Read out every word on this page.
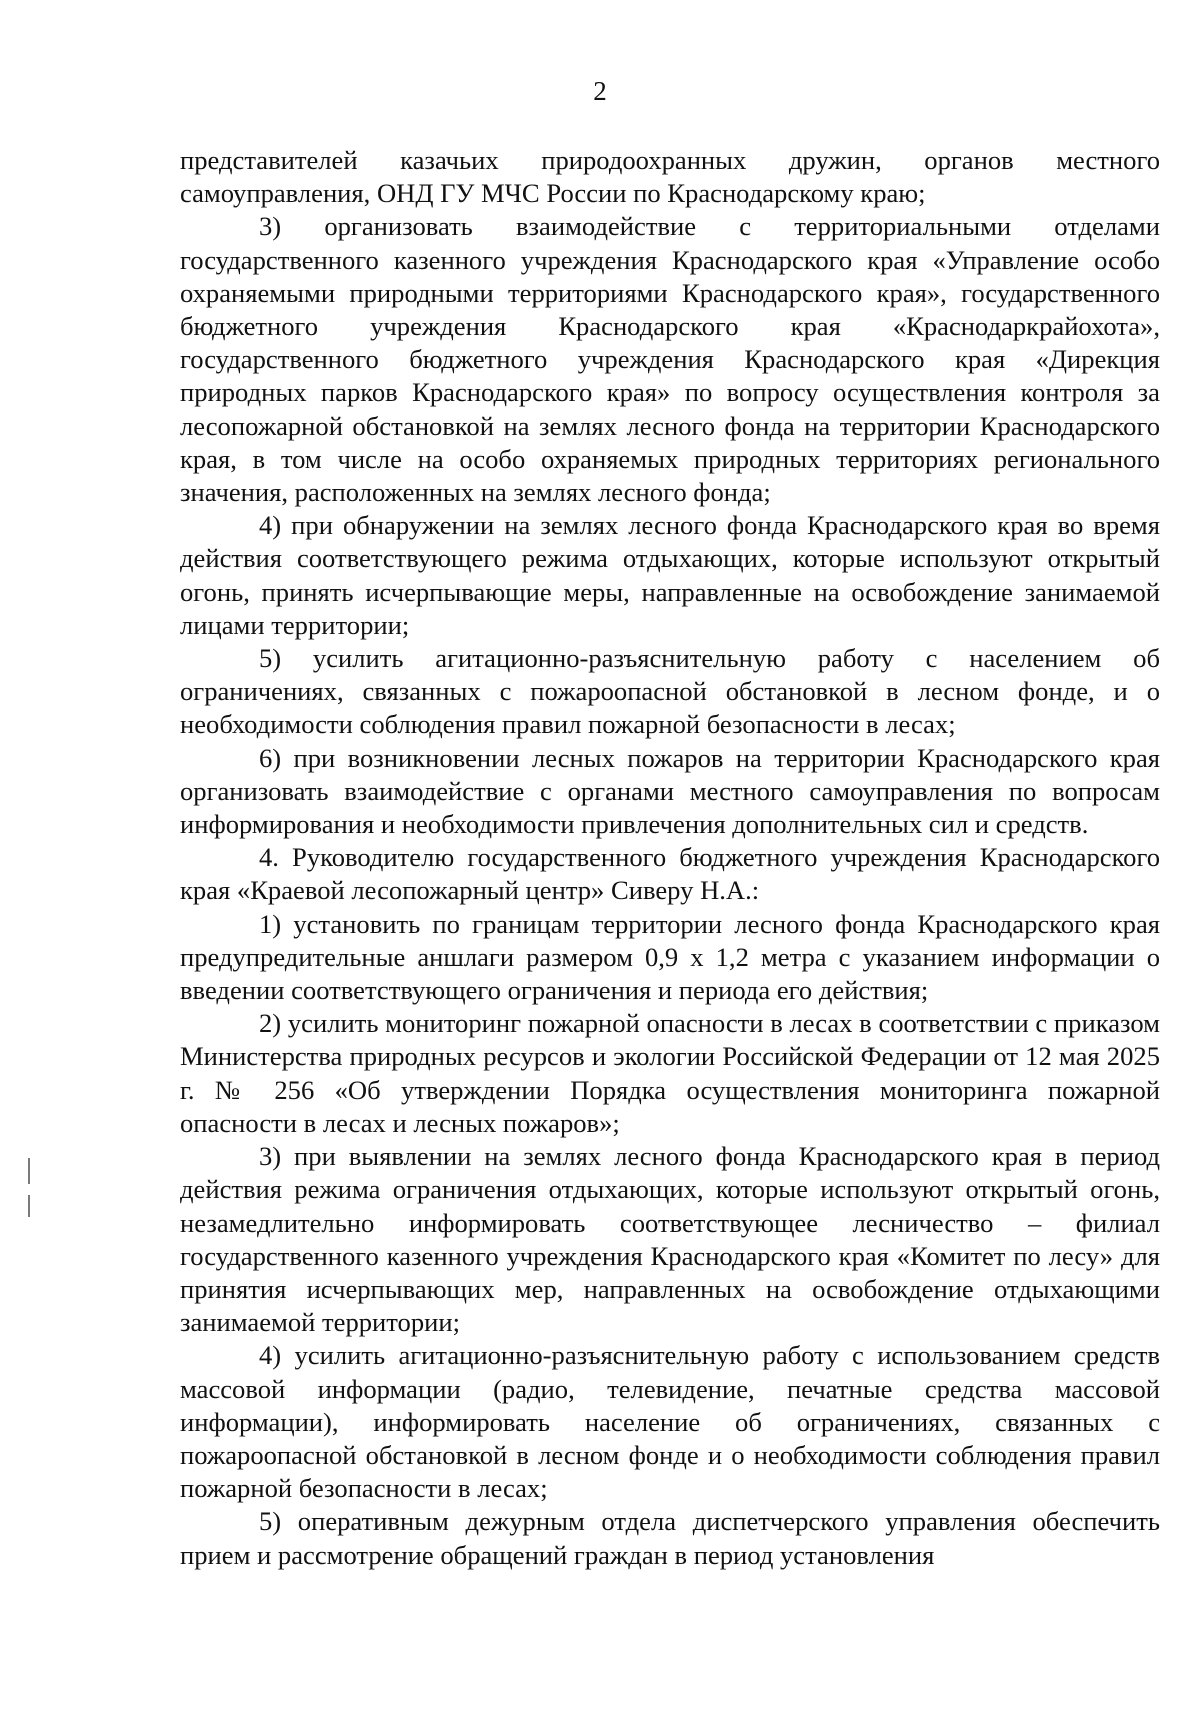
2

представителей казачьих природоохранных дружин, органов местного самоуправления, ОНД ГУ МЧС России по Краснодарскому краю;

3) организовать взаимодействие с территориальными отделами государственного казенного учреждения Краснодарского края «Управление особо охраняемыми природными территориями Краснодарского края», государственного бюджетного учреждения Краснодарского края «Краснодаркрайохота», государственного бюджетного учреждения Краснодарского края «Дирекция природных парков Краснодарского края» по вопросу осуществления контроля за лесопожарной обстановкой на землях лесного фонда на территории Краснодарского края, в том числе на особо охраняемых природных территориях регионального значения, расположенных на землях лесного фонда;

4) при обнаружении на землях лесного фонда Краснодарского края во время действия соответствующего режима отдыхающих, которые используют открытый огонь, принять исчерпывающие меры, направленные на освобождение занимаемой лицами территории;

5) усилить агитационно-разъяснительную работу с населением об ограничениях, связанных с пожароопасной обстановкой в лесном фонде, и о необходимости соблюдения правил пожарной безопасности в лесах;

6) при возникновении лесных пожаров на территории Краснодарского края организовать взаимодействие с органами местного самоуправления по вопросам информирования и необходимости привлечения дополнительных сил и средств.

4. Руководителю государственного бюджетного учреждения Краснодарского края «Краевой лесопожарный центр» Сиверу Н.А.:

1) установить по границам территории лесного фонда Краснодарского края предупредительные аншлаги размером 0,9 х 1,2 метра с указанием информации о введении соответствующего ограничения и периода его действия;

2) усилить мониторинг пожарной опасности в лесах в соответствии с приказом Министерства природных ресурсов и экологии Российской Федерации от 12 мая 2025 г. № 256 «Об утверждении Порядка осуществления мониторинга пожарной опасности в лесах и лесных пожаров»;

3) при выявлении на землях лесного фонда Краснодарского края в период действия режима ограничения отдыхающих, которые используют открытый огонь, незамедлительно информировать соответствующее лесничество – филиал государственного казенного учреждения Краснодарского края «Комитет по лесу» для принятия исчерпывающих мер, направленных на освобождение отдыхающими занимаемой территории;

4) усилить агитационно-разъяснительную работу с использованием средств массовой информации (радио, телевидение, печатные средства массовой информации), информировать население об ограничениях, связанных с пожароопасной обстановкой в лесном фонде и о необходимости соблюдения правил пожарной безопасности в лесах;

5) оперативным дежурным отдела диспетчерского управления обеспечить прием и рассмотрение обращений граждан в период установления
